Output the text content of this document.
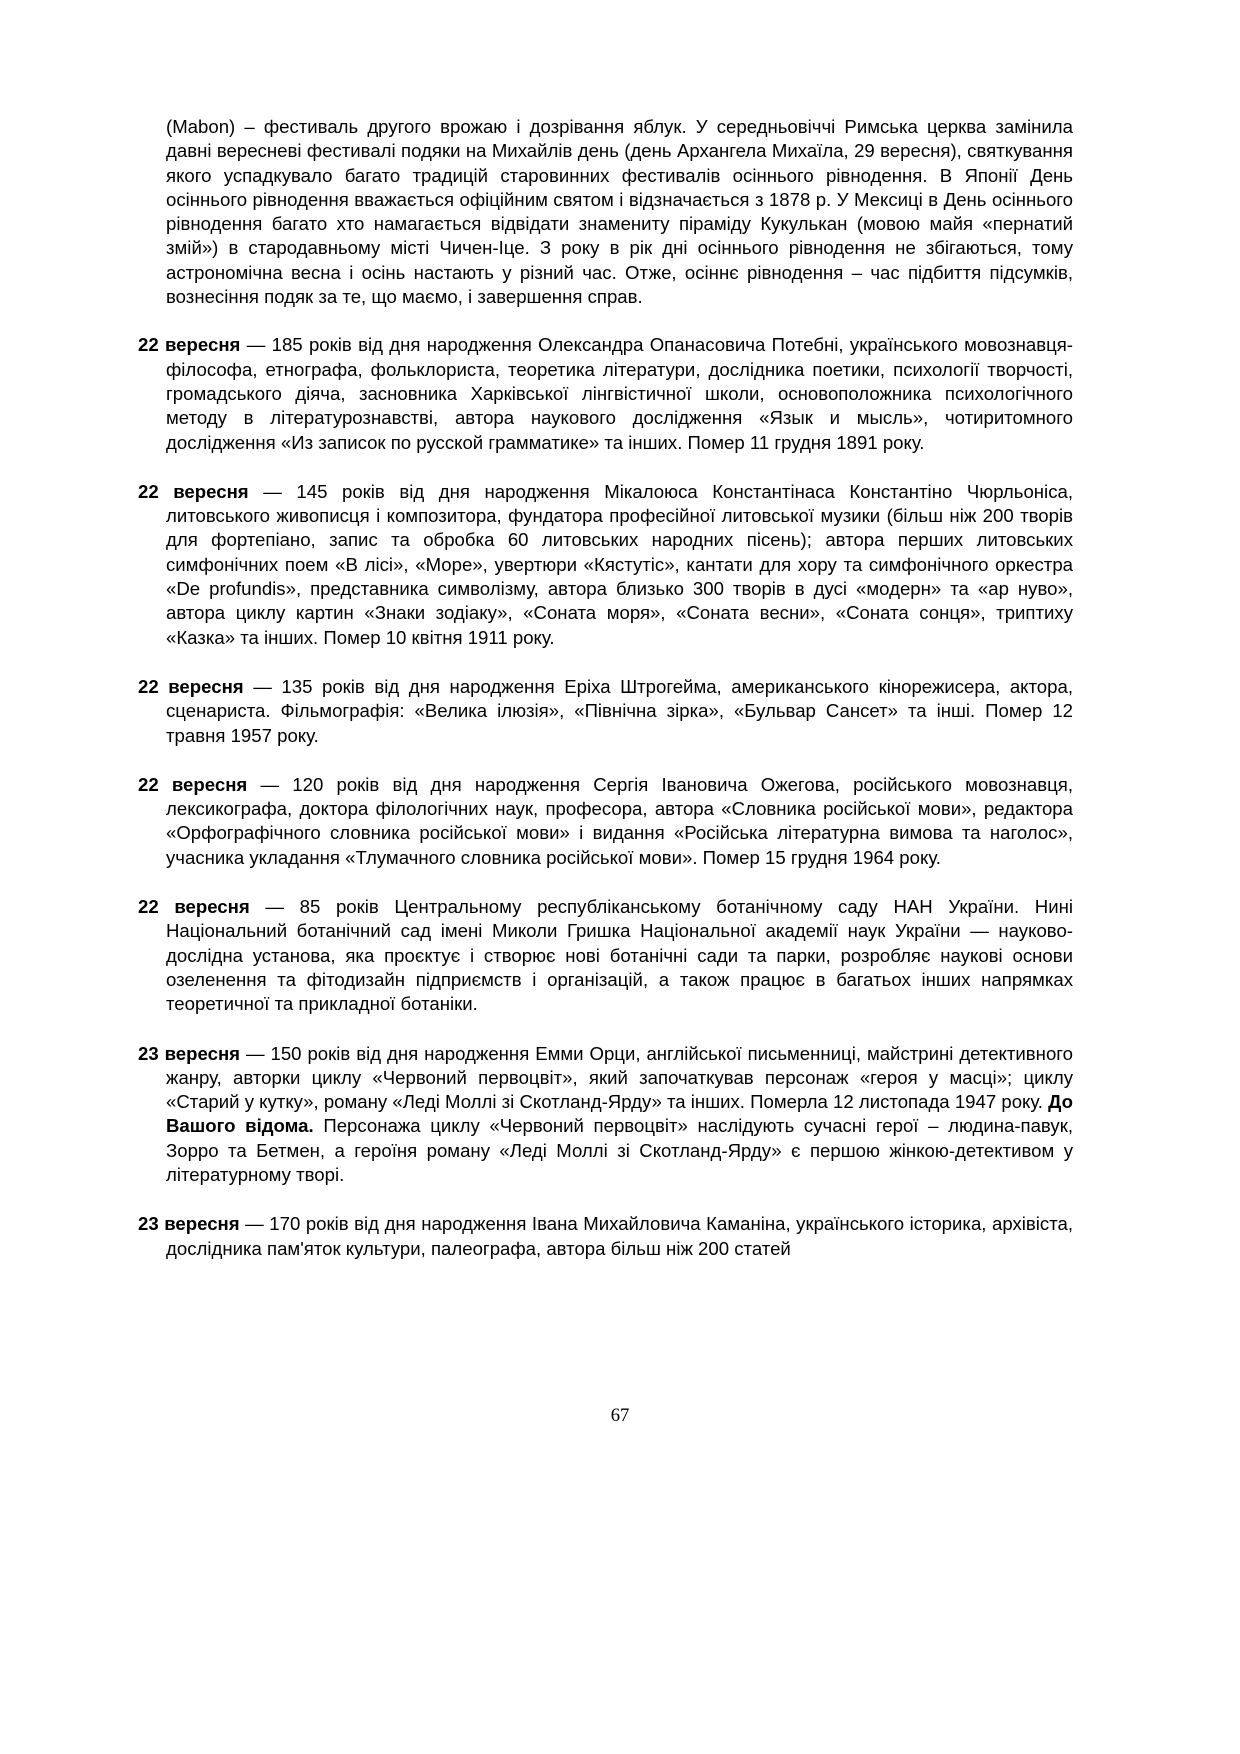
(Mabon) – фестиваль другого врожаю і дозрівання яблук. У середньовіччі Римська церква замінила давні вересневі фестивалі подяки на Михайлів день (день Архангела Михаїла, 29 вересня), святкування якого успадкувало багато традицій старовинних фестивалів осіннього рівнодення. В Японії День осіннього рівнодення вважається офіційним святом і відзначається з 1878 р. У Мексиці в День осіннього рівнодення багато хто намагається відвідати знамениту піраміду Кукулькан (мовою майя «пернатий змій») в стародавньому місті Чичен-Іце. З року в рік дні осіннього рівнодення не збігаються, тому астрономічна весна і осінь настають у різний час. Отже, осіннє рівнодення – час підбиття підсумків, вознесіння подяк за те, що маємо, і завершення справ.

22 вересня — 185 років від дня народження Олександра Опанасовича Потебні, українського мовознавця-філософа, етнографа, фольклориста, теоретика літератури, дослідника поетики, психології творчості, громадського діяча, засновника Харківської лінгвістичної школи, основоположника психологічного методу в літературознавстві, автора наукового дослідження «Язык и мысль», чотиритомного дослідження «Из записок по русской грамматике» та інших. Помер 11 грудня 1891 року.

22 вересня — 145 років від дня народження Мікалоюса Константінаса Константіно Чюрльоніса, литовського живописця і композитора, фундатора професійної литовської музики (більш ніж 200 творів для фортепіано, запис та обробка 60 литовських народних пісень); автора перших литовських симфонічних поем «В лісі», «Море», увертюри «Кястутіс», кантати для хору та симфонічного оркестра «De profundis», представника символізму, автора близько 300 творів в дусі «модерн» та «ар нуво», автора циклу картин «Знаки зодіаку», «Соната моря», «Соната весни», «Соната сонця», триптиху «Казка» та інших. Помер 10 квітня 1911 року.

22 вересня — 135 років від дня народження Еріха Штрогейма, американського кінорежисера, актора, сценариста. Фільмографія: «Велика ілюзія», «Північна зірка», «Бульвар Сансет» та інші. Помер 12 травня 1957 року.

22 вересня — 120 років від дня народження Сергія Івановича Ожегова, російського мовознавця, лексикографа, доктора філологічних наук, професора, автора «Словника російської мови», редактора «Орфографічного словника російської мови» і видання «Російська літературна вимова та наголос», учасника укладання «Тлумачного словника російської мови». Помер 15 грудня 1964 року.

22 вересня — 85 років Центральному республіканському ботанічному саду НАН України. Нині Національний ботанічний сад імені Миколи Гришка Національної академії наук України — науково-дослідна установа, яка проєктує і створює нові ботанічні сади та парки, розробляє наукові основи озеленення та фітодизайн підприємств і організацій, а також працює в багатьох інших напрямках теоретичної та прикладної ботаніки.

23 вересня — 150 років від дня народження Емми Орци, англійської письменниці, майстрині детективного жанру, авторки циклу «Червоний первоцвіт», який започаткував персонаж «героя у масці»; циклу «Старий у кутку», роману «Леді Моллі зі Скотланд-Ярду» та інших. Померла 12 листопада 1947 року. До Вашого відома. Персонажа циклу «Червоний первоцвіт» наслідують сучасні герої – людина-павук, Зорро та Бетмен, а героїня роману «Леді Моллі зі Скотланд-Ярду» є першою жінкою-детективом у літературному творі.

23 вересня — 170 років від дня народження Івана Михайловича Каманіна, українського історика, архівіста, дослідника пам'яток культури, палеографа, автора більш ніж 200 статей

67
